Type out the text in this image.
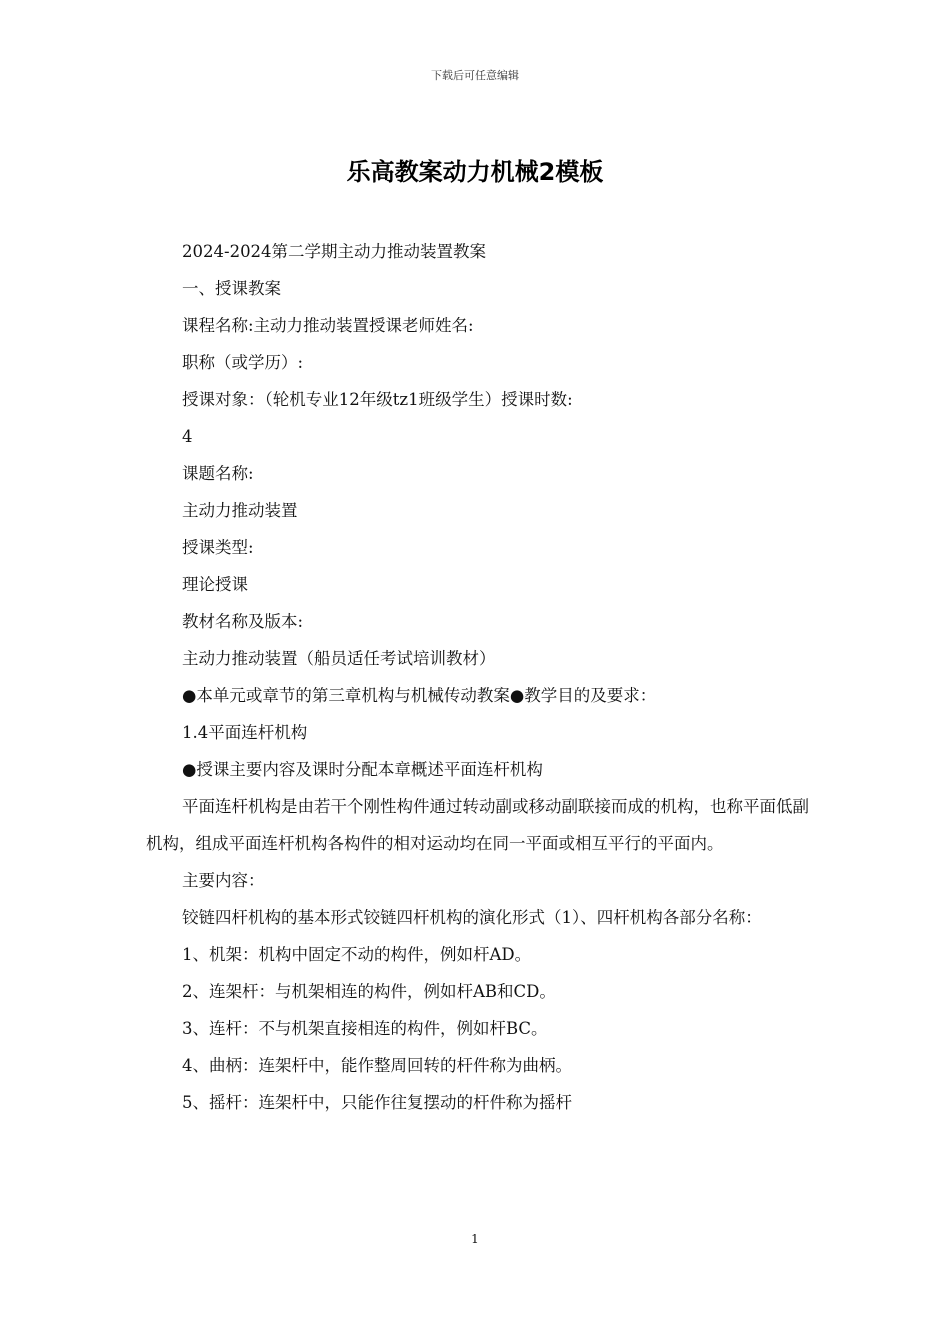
下载后可任意编辑
乐高教案动力机械2模板

2024-2024第二学期主动力推动装置教案

一、授课教案

课程名称:主动力推动装置授课老师姓名:

职称（或学历）:

授课对象：（轮机专业12年级tz1班级学生）授课时数:

4

课题名称:

主动力推动装置

授课类型:

理论授课

教材名称及版本:

主动力推动装置（船员适任考试培训教材）

●本单元或章节的第三章机构与机械传动教案●教学目的及要求：

1.4平面连杆机构

●授课主要内容及课时分配本章概述平面连杆机构

平面连杆机构是由若干个刚性构件通过转动副或移动副联接而成的机构，也称平面低副机构，组成平面连杆机构各构件的相对运动均在同一平面或相互平行的平面内。

主要内容：

铰链四杆机构的基本形式铰链四杆机构的演化形式（1）、四杆机构各部分名称：

1、机架：机构中固定不动的构件，例如杆AD。

2、连架杆：与机架相连的构件，例如杆AB和CD。

3、连杆：不与机架直接相连的构件，例如杆BC。

4、曲柄：连架杆中，能作整周回转的杆件称为曲柄。

5、摇杆：连架杆中，只能作往复摆动的杆件称为摇杆

1
